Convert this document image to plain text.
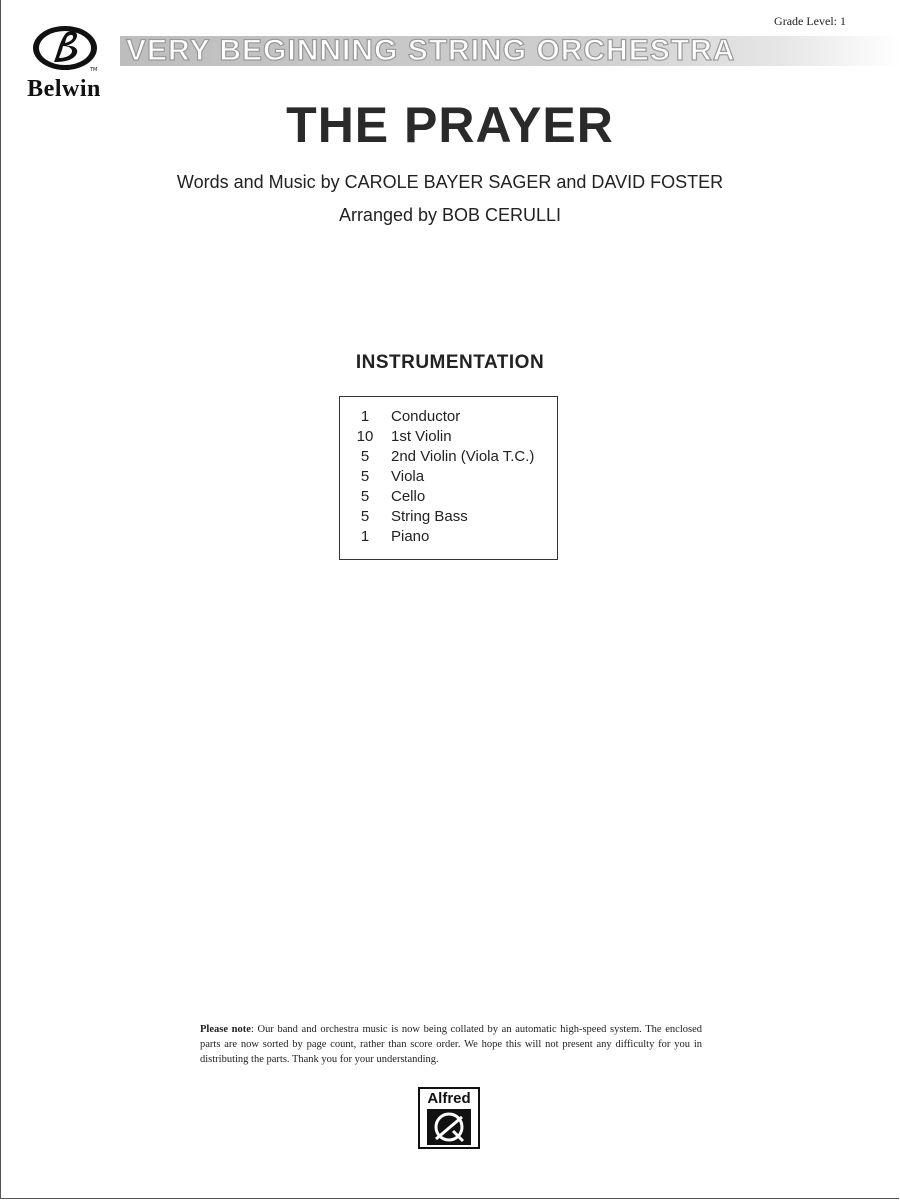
TM
Belwin
Grade Level: 1
VERY BEGINNING STRING ORCHESTRA
THE PRAYER
Words and Music by CAROLE BAYER SAGER and DAVID FOSTER
Arranged by BOB CERULLI
INSTRUMENTATION
1	Conductor
10	1st Violin
5	2nd Violin (Viola T.C.)
5	Viola
5	Cello
5	String Bass
1	Piano
Please note: Our band and orchestra music is now being collated by an automatic high-speed system. The enclosed parts are now sorted by page count, rather than score order. We hope this will not present any difficulty for you in distributing the parts. Thank you for your understanding.
Alfred
